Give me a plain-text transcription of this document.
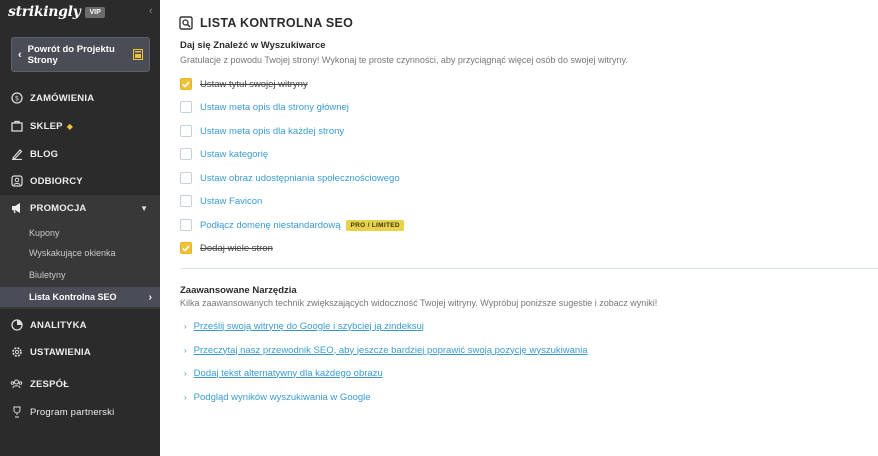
strikingly	VIP	‹
‹ Powrót do Projektu Strony
$ ZAMÓWIENIA
SKLEP ◆
BLOG
ODBIORCY
PROMOCJA	▼
Kupony
Wyskakujące okienka
Biuletyny
Lista Kontrolna SEO	›
ANALITYKA
USTAWIENIA
ZESPÓŁ
Program partnerski
LISTA KONTROLNA SEO
Daj się Znaleźć w Wyszukiwarce
Gratulacje z powodu Twojej strony! Wykonaj te proste czynności, aby przyciągnąć więcej osób do swojej witryny.
Ustaw tytuł swojej witryny
Ustaw meta opis dla strony głównej
Ustaw meta opis dla każdej strony
Ustaw kategorię
Ustaw obraz udostępniania społecznościowego
Ustaw Favicon
Podłącz domenę niestandardową	PRO / LIMITED
Dodaj wiele stron
Zaawansowane Narzędzia
Kilka zaawansowanych technik zwiększających widoczność Twojej witryny. Wypróbuj poniższe sugestie i zobacz wyniki!
› Prześlij swoją witrynę do Google i szybciej ją zindeksuj
› Przeczytaj nasz przewodnik SEO, aby jeszcze bardziej poprawić swoją pozycję wyszukiwania
› Dodaj tekst alternatywny dla każdego obrazu
› Podgląd wyników wyszukiwania w Google
